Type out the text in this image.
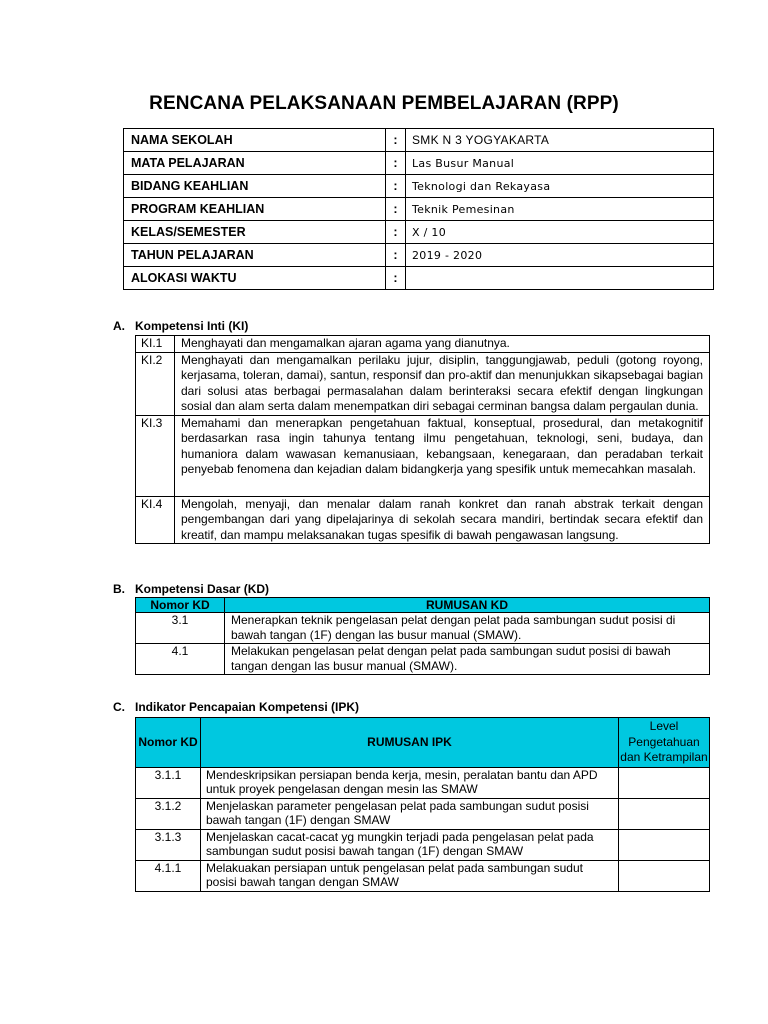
RENCANA PELAKSANAAN PEMBELAJARAN (RPP)
NAMA SEKOLAH	:	SMK N 3 YOGYAKARTA
MATA PELAJARAN	:	Las Busur Manual
BIDANG KEAHLIAN	:	Teknologi dan Rekayasa
PROGRAM KEAHLIAN	:	Teknik Pemesinan
KELAS/SEMESTER	:	X / 10
TAHUN PELAJARAN	:	2019 - 2020
ALOKASI WAKTU	:	
A. Kompetensi Inti (KI)
KI.1	Menghayati dan mengamalkan ajaran agama yang dianutnya.
KI.2	Menghayati dan mengamalkan perilaku jujur, disiplin, tanggungjawab, peduli (gotong royong, kerjasama, toleran, damai), santun, responsif dan pro-aktif dan menunjukkan sikapsebagai bagian dari solusi atas berbagai permasalahan dalam berinteraksi secara efektif dengan lingkungan sosial dan alam serta dalam menempatkan diri sebagai cerminan bangsa dalam pergaulan dunia.
KI.3	Memahami dan menerapkan pengetahuan faktual, konseptual, prosedural, dan metakognitif berdasarkan rasa ingin tahunya tentang ilmu pengetahuan, teknologi, seni, budaya, dan humaniora dalam wawasan kemanusiaan, kebangsaan, kenegaraan, dan peradaban terkait penyebab fenomena dan kejadian dalam bidangkerja yang spesifik untuk memecahkan masalah.
KI.4	Mengolah, menyaji, dan menalar dalam ranah konkret dan ranah abstrak terkait dengan pengembangan dari yang dipelajarinya di sekolah secara mandiri, bertindak secara efektif dan kreatif, dan mampu melaksanakan tugas spesifik di bawah pengawasan langsung.
B. Kompetensi Dasar (KD)
Nomor KD	RUMUSAN KD
3.1	Menerapkan teknik pengelasan pelat dengan pelat pada sambungan sudut posisi di bawah tangan (1F) dengan las busur manual (SMAW).
4.1	Melakukan pengelasan pelat dengan pelat pada sambungan sudut posisi di bawah tangan dengan las busur manual (SMAW).
C. Indikator Pencapaian Kompetensi (IPK)
Nomor KD	RUMUSAN IPK	Level Pengetahuan dan Ketrampilan
3.1.1	Mendeskripsikan persiapan benda kerja, mesin, peralatan bantu dan APD untuk proyek pengelasan dengan mesin las SMAW	
3.1.2	Menjelaskan parameter pengelasan pelat pada sambungan sudut posisi bawah tangan (1F) dengan SMAW	
3.1.3	Menjelaskan cacat-cacat yg mungkin terjadi pada pengelasan pelat pada sambungan sudut posisi bawah tangan (1F) dengan SMAW	
4.1.1	Melakuakan persiapan untuk pengelasan pelat pada sambungan sudut posisi bawah tangan dengan SMAW	
